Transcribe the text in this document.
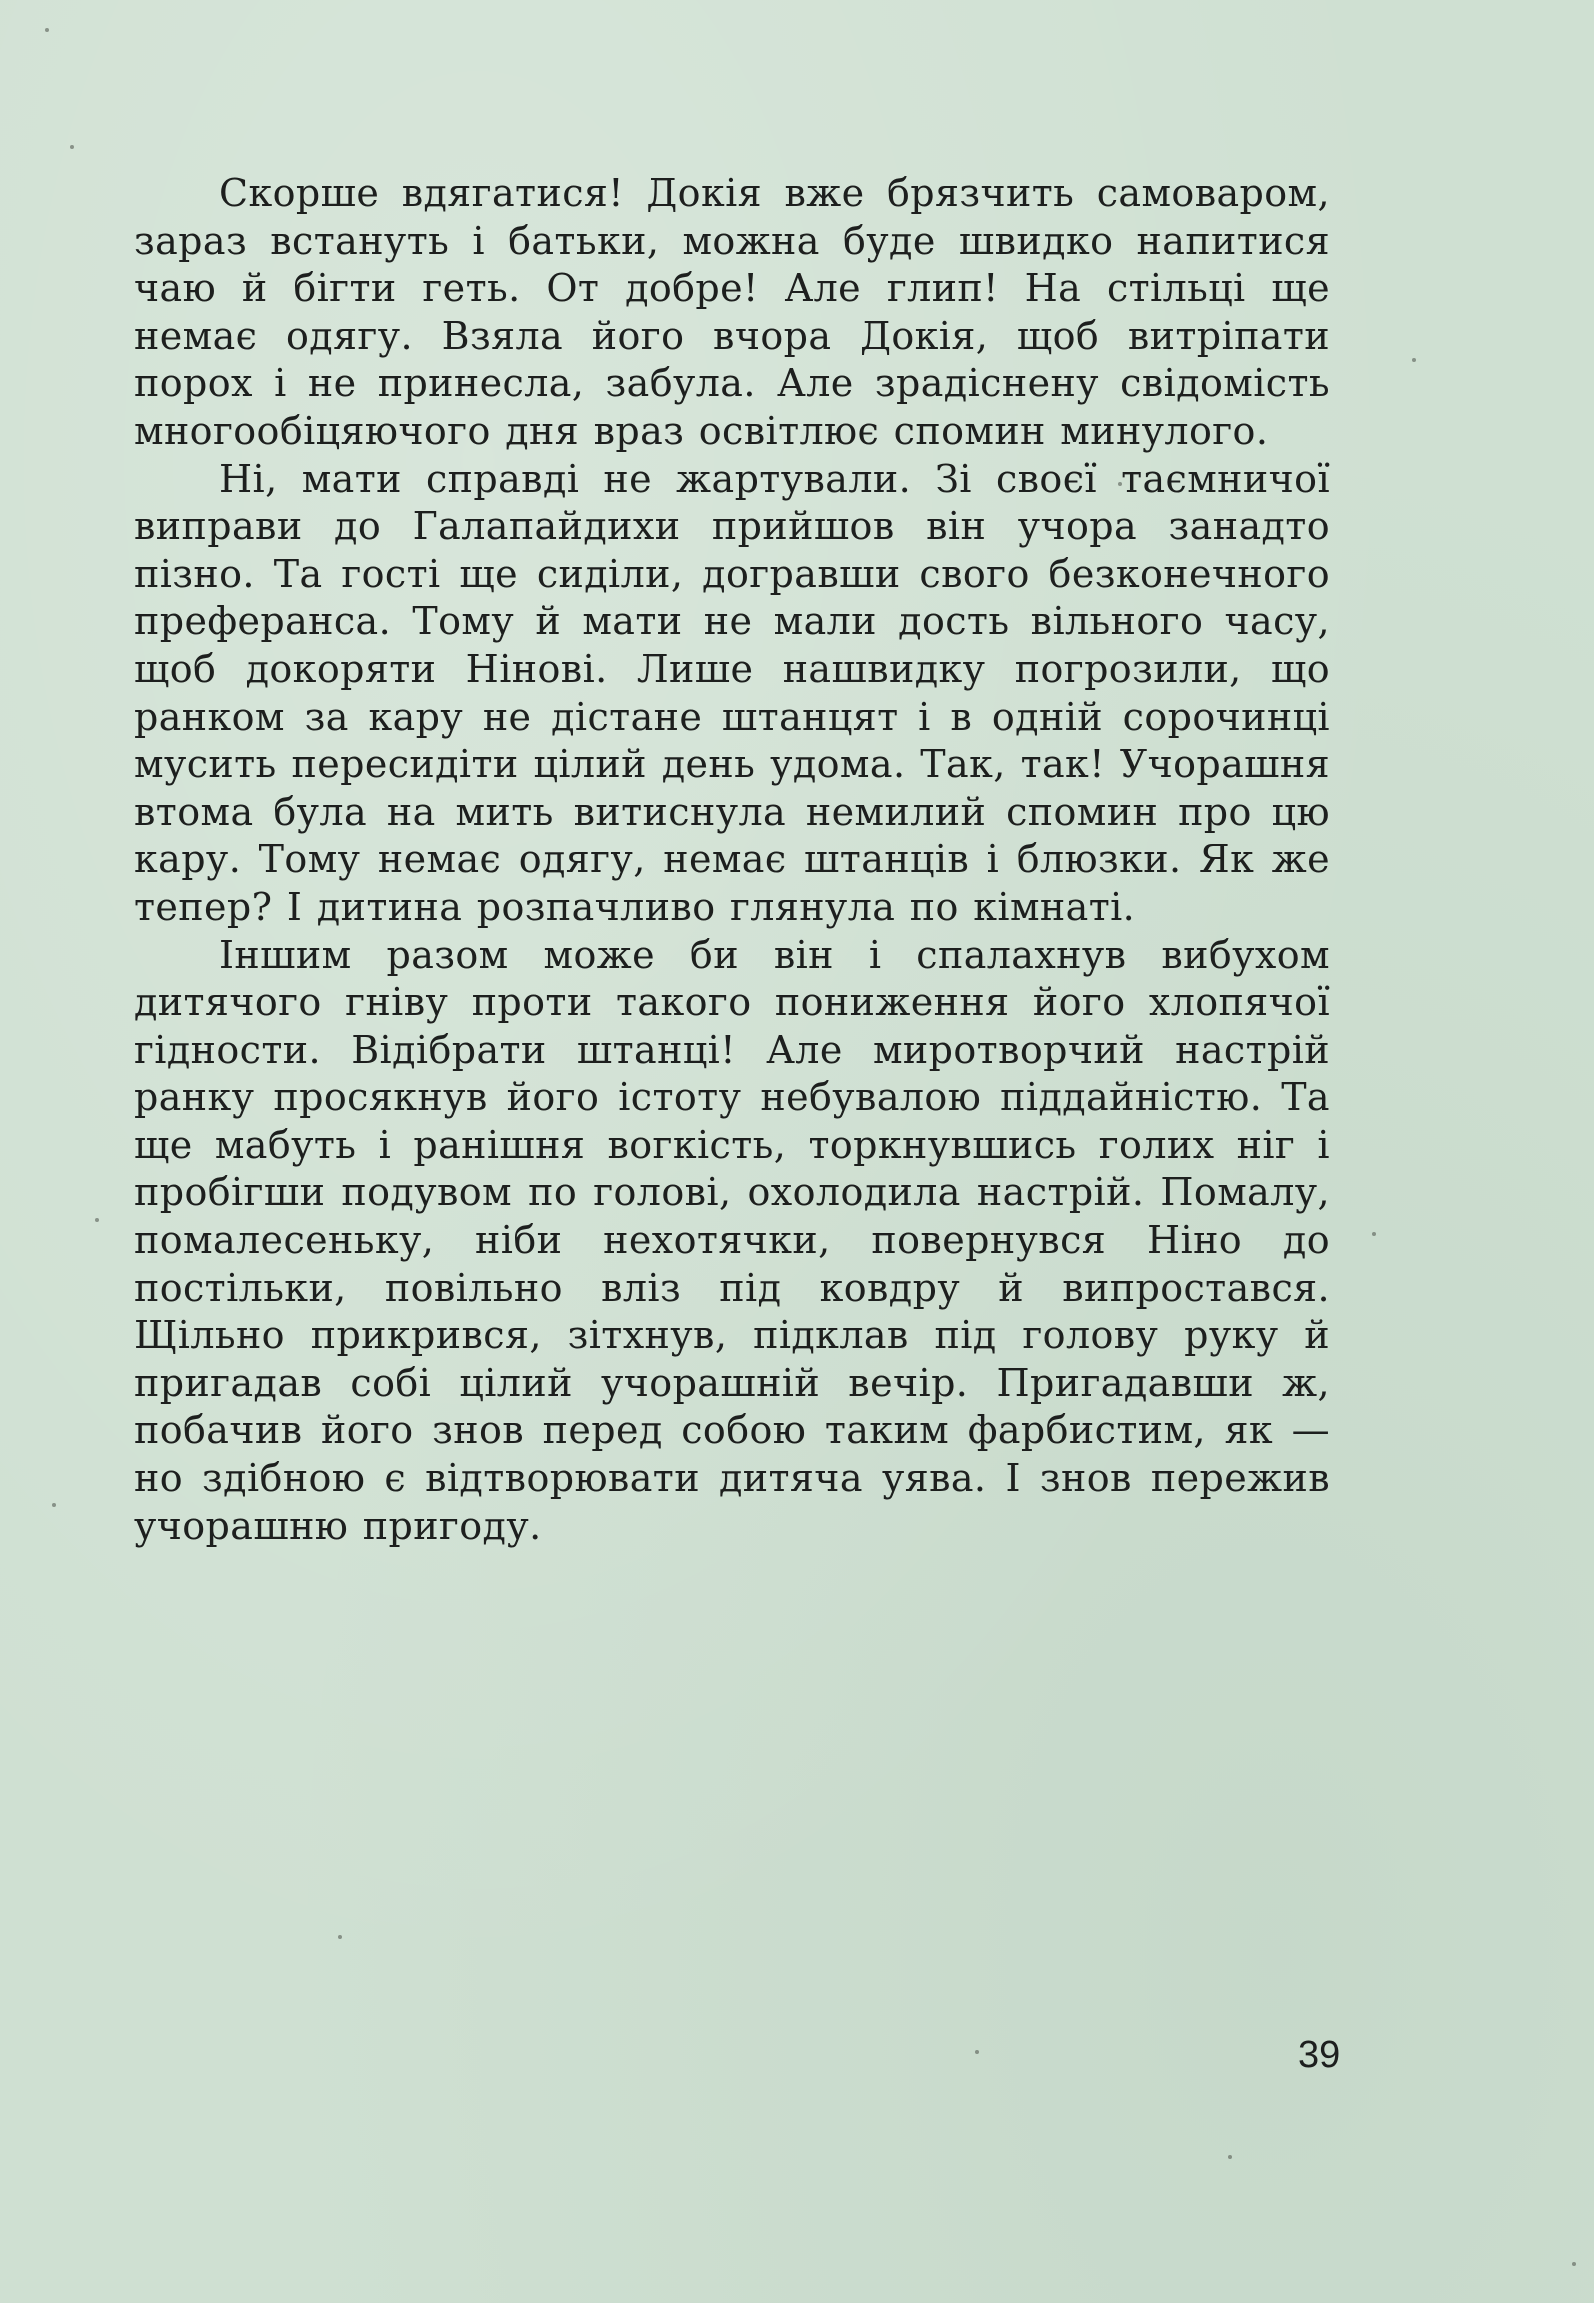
Скорше вдягатися! Докія вже брязчить самоваром, зараз встануть і батьки, можна буде швидко напитися чаю й бігти геть. От добре! Але глип! На стільці ще немає одягу. Взяла його вчора Докія, щоб витріпати порох і не принесла, забула. Але зрадіснену свідомість многообіцяючого дня враз освітлює спомин минулого.

Ні, мати справді не жартували. Зі своєї таємничої виправи до Галапайдихи прийшов він учора занадто пізно. Та гості ще сиділи, догравши свого безконечного преферанса. Тому й мати не мали дость вільного часу, щоб докоряти Нінові. Лише нашвидку погрозили, що ранком за кару не дістане штанцят і в одній сорочинці мусить пересидіти цілий день удома. Так, так! Учорашня втома була на мить витиснула немилий спомин про цю кару. Тому немає одягу, немає штанців і блюзки. Як же тепер? І дитина розпачливо глянула по кімнаті.

Іншим разом може би він і спалахнув вибухом дитячого гніву проти такого пониження його хлопячої гідности. Відібрати штанці! Але миротворчий настрій ранку просякнув його істоту небувалою піддайністю. Та ще мабуть і ранішня вогкість, торкнувшись голих ніг і пробігши подувом по голові, охолодила настрій. Помалу, помалесеньку, ніби нехотячки, повернувся Ніно до постільки, повільно вліз під ковдру й випростався. Щільно прикрився, зітхнув, підклав під голову руку й пригадав собі цілий учорашній вечір. Пригадавши ж, побачив його знов перед собою таким фарбистим, як — но здібною є відтворювати дитяча уява. І знов пережив учорашню пригоду.

39
